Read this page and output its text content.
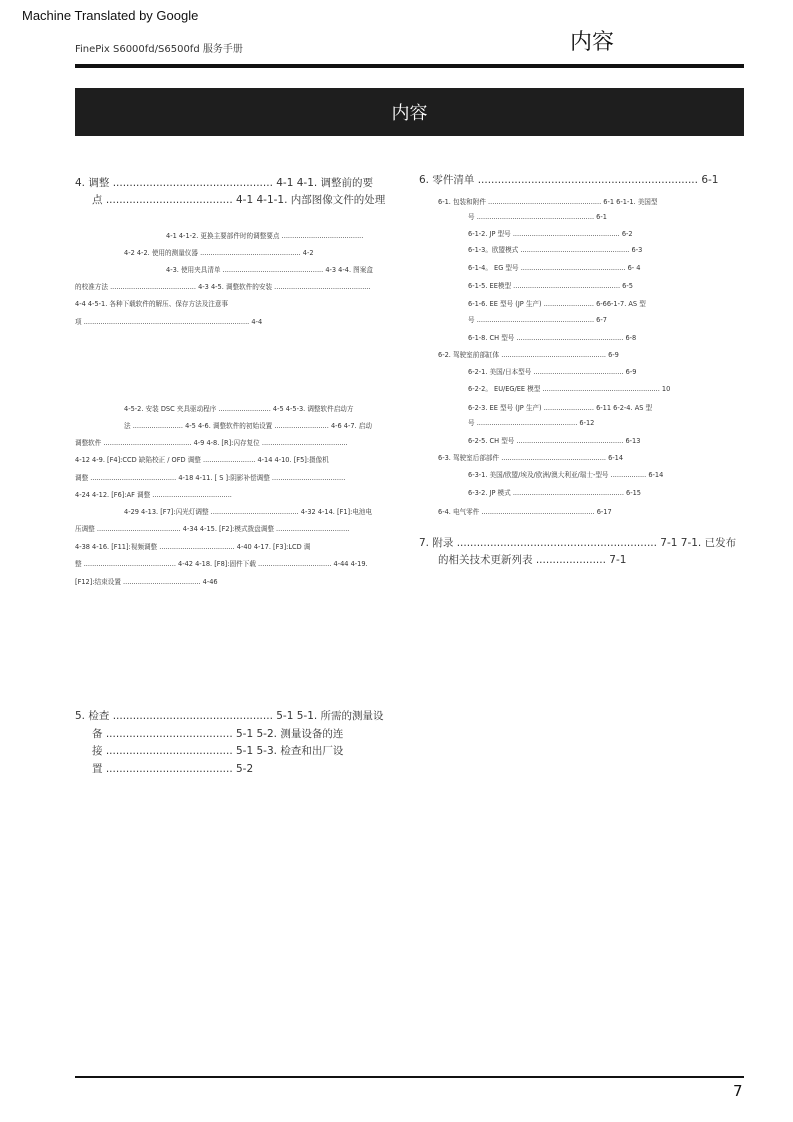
Machine Translated by Google
FinePix S6000fd/S6500fd 服务手册	内容
内容
4. 调整 ................................................ 4-1 4-1. 调整前的要
点 ...................................... 4-1 4-1-1. 内部图像文件的处理
4-1 4-1-2. 更换主要部件时的调整要点 .......................................
4-2 4-2. 使用的测量仪器 ................................................ 4-2
4-3. 使用夹具清单 ................................................ 4-3 4-4. 图案盒
的校准方法 ......................................... 4-3 4-5. 调整软件的安装 ..............................................
4-4 4-5-1. 各种下载软件的解压、保存方法及注意事
项 ............................................................................... 4-4
4-5-2. 安装 DSC 夹具驱动程序 ......................... 4-5 4-5-3. 调整软件启动方
法 ........................ 4-5 4-6. 调整软件的初始设置 .......................... 4-6 4-7. 启动
调整软件 .......................................... 4-9 4-8. [R]:闪存复位 .........................................
4-12 4-9. [F4]:CCD 缺陷校正 / OFD 调整 ......................... 4-14 4-10. [F5]:摄像机
调整 ......................................... 4-18 4-11. [ S ]:阴影补偿调整 ...................................
4-24 4-12. [F6]:AF 调整 ......................................
4-29 4-13. [F7]:闪光灯调整 .......................................... 4-32 4-14. [F1]:电池电
压调整 ........................................ 4-34 4-15. [F2]:模式拨盘调整 ...................................
4-38 4-16. [F11]:视频调整 .................................... 4-40 4-17. [F3]:LCD 调
整 ............................................ 4-42 4-18. [F8]:固件下载 ................................... 4-44 4-19.
[F12]:结束设置 ..................................... 4-46
5. 检查 ................................................ 5-1 5-1. 所需的测量设
备 ...................................... 5-1 5-2. 测量设备的连
接 ...................................... 5-1 5-3. 检查和出厂设
置 ...................................... 5-2
6. 零件清单 .................................................................. 6-1
6-1. 包装和附件 ...................................................... 6-1 6-1-1. 美国型
号 ........................................................ 6-1
6-1-2. JP 型号 ................................................... 6-2
6-1-3。欧盟模式 .................................................... 6-3
6-1-4。 EG 型号 .................................................. 6- 4
6-1-5. EE模型 ................................................... 6-5
6-1-6. EE 型号 (JP 生产) ........................ 6-66-1-7. AS 型
号 ........................................................ 6-7
6-1-8. CH 型号 ................................................... 6-8
6-2. 驾驶室前部缸体 .................................................. 6-9
6-2-1. 美国/日本型号 ........................................... 6-9
6-2-2。 EU/EG/EE 模型 ........................................................ 10
6-2-3. EE 型号 (JP 生产) ........................ 6-11 6-2-4. AS 型
号 ................................................ 6-12
6-2-5. CH 型号 ................................................... 6-13
6-3. 驾驶室后部部件 .................................................. 6-14
6-3-1. 美国/欧盟/埃及/欧洲/澳大利亚/瑞士-型号 ................. 6-14
6-3-2. JP 模式 ..................................................... 6-15
6-4. 电气零件 ...................................................... 6-17
7. 附录 ............................................................ 7-1 7-1. 已发布
的相关技术更新列表 ..................... 7-1
7
